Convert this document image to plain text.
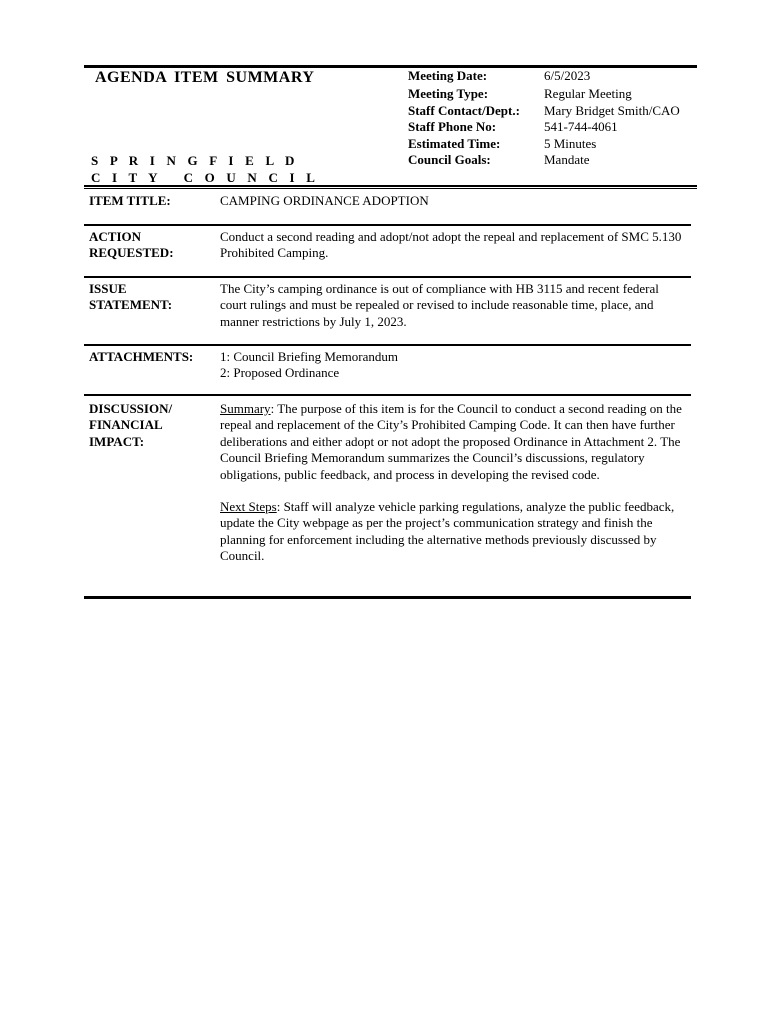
AGENDA ITEM SUMMARY
S P R I N G F I E L D
C I T Y   C O U N C I L
Meeting Date:
Meeting Type:
Staff Contact/Dept.:
Staff Phone No:
Estimated Time:
Council Goals:
6/5/2023
Regular Meeting
Mary Bridget Smith/CAO
541-744-4061
5 Minutes
Mandate
ITEM TITLE:	CAMPING ORDINANCE ADOPTION
ACTION
REQUESTED:
Conduct a second reading and adopt/not adopt the repeal and replacement of SMC 5.130 Prohibited Camping.
ISSUE
STATEMENT:
The City’s camping ordinance is out of compliance with HB 3115 and recent federal court rulings and must be repealed or revised to include reasonable time, place, and manner restrictions by July 1, 2023.
ATTACHMENTS: 1: Council Briefing Memorandum
2: Proposed Ordinance
DISCUSSION/
FINANCIAL
IMPACT:

Summary: The purpose of this item is for the Council to conduct a second reading on the repeal and replacement of the City’s Prohibited Camping Code. It can then have further deliberations and either adopt or not adopt the proposed Ordinance in Attachment 2. The Council Briefing Memorandum summarizes the Council’s discussions, regulatory obligations, public feedback, and process in developing the revised code.

Next Steps: Staff will analyze vehicle parking regulations, analyze the public feedback, update the City webpage as per the project’s communication strategy and finish the planning for enforcement including the alternative methods previously discussed by Council.
